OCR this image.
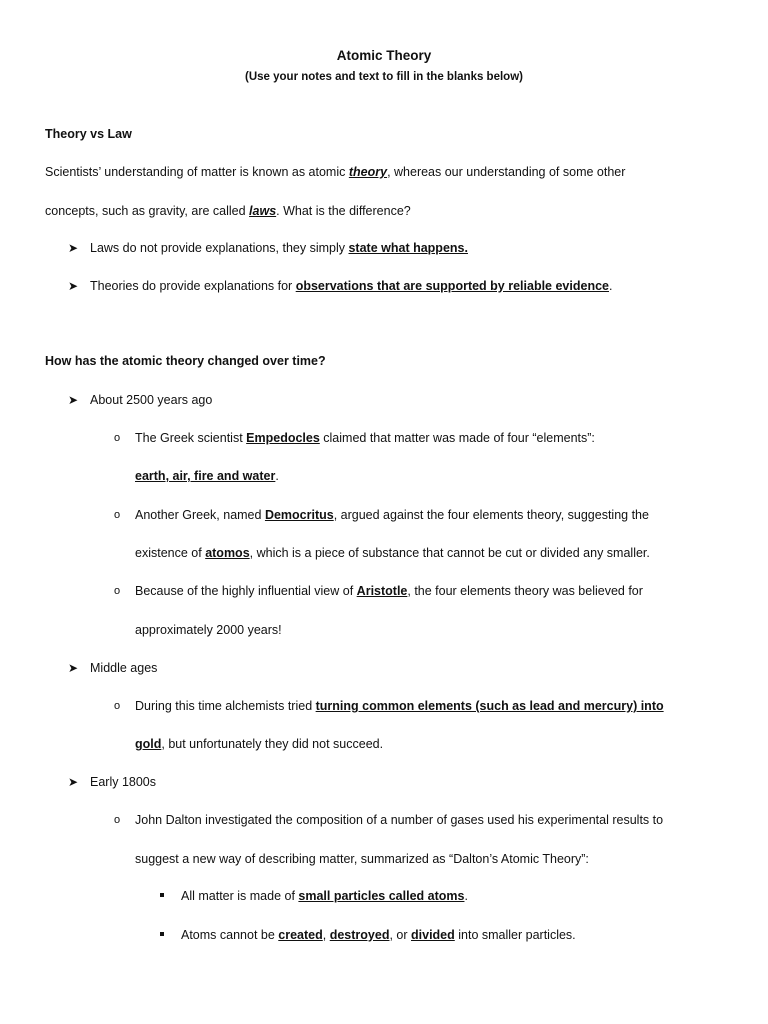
Atomic Theory
(Use your notes and text to fill in the blanks below)
Theory vs Law
Scientists’ understanding of matter is known as atomic theory, whereas our understanding of some other
concepts, such as gravity, are called laws. What is the difference?
➤ Laws do not provide explanations, they simply state what happens.
➤ Theories do provide explanations for observations that are supported by reliable evidence.
How has the atomic theory changed over time?
➤ About 2500 years ago
o The Greek scientist Empedocles claimed that matter was made of four “elements”:
earth, air, fire and water.
o Another Greek, named Democritus, argued against the four elements theory, suggesting the
existence of atomos, which is a piece of substance that cannot be cut or divided any smaller.
o Because of the highly influential view of Aristotle, the four elements theory was believed for
approximately 2000 years!
➤ Middle ages
o During this time alchemists tried turning common elements (such as lead and mercury) into
gold, but unfortunately they did not succeed.
➤ Early 1800s
o John Dalton investigated the composition of a number of gases used his experimental results to
suggest a new way of describing matter, summarized as “Dalton’s Atomic Theory”:
All matter is made of small particles called atoms.
Atoms cannot be created, destroyed, or divided into smaller particles.
